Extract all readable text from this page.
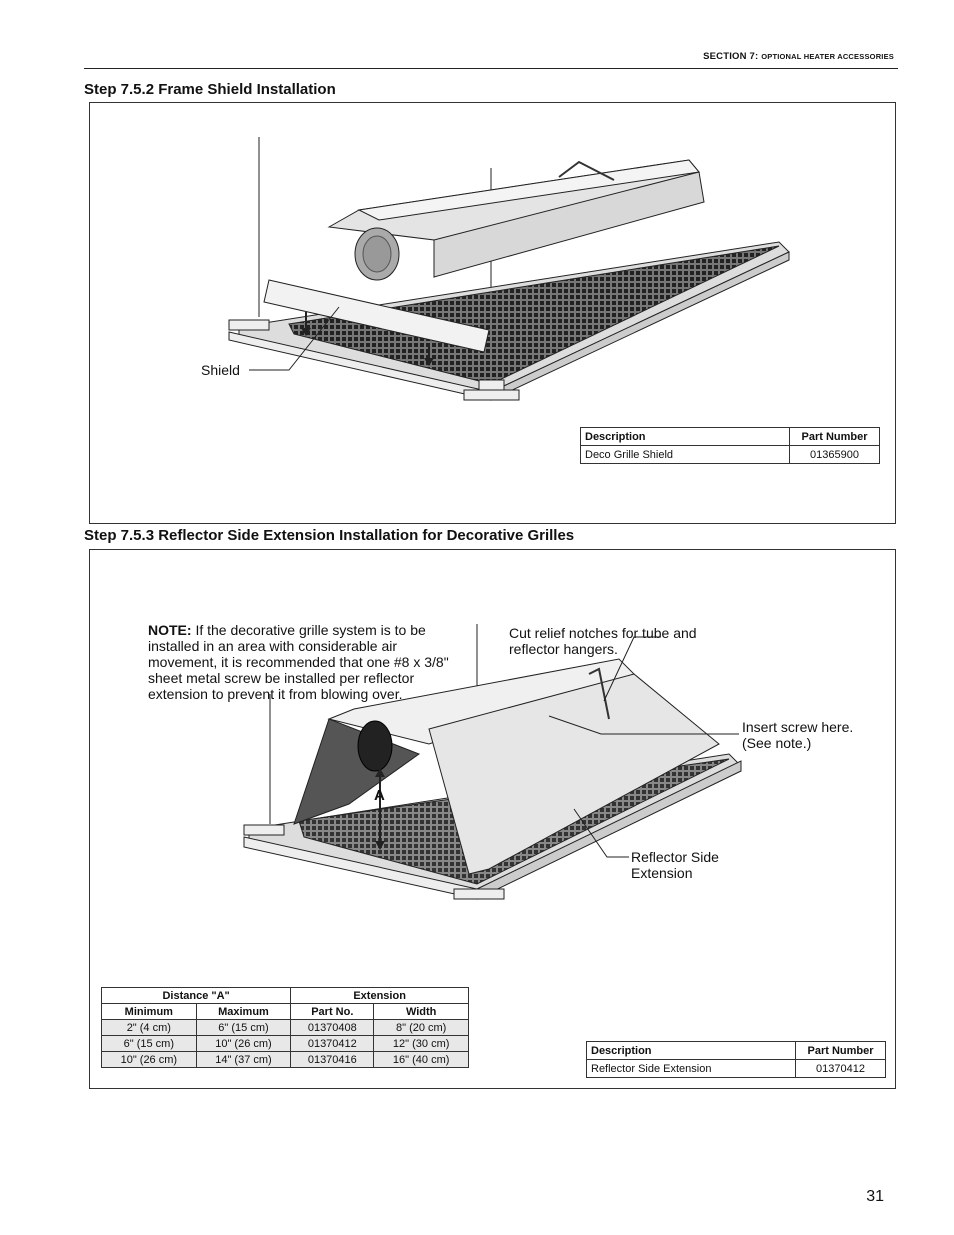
SECTION 7: OPTIONAL HEATER ACCESSORIES
Step 7.5.2 Frame Shield Installation
Shield
Description	Part Number
Deco Grille Shield	01365900
Step 7.5.3 Reflector Side Extension Installation for Decorative Grilles
NOTE: If the decorative grille system is to be installed in an area with considerable air movement, it is recommended that one #8 x 3/8" sheet metal screw be installed per reflector extension to prevent it from blowing over.
Cut relief notches for tube and reflector hangers.
Insert screw here. (See note.)
Reflector Side Extension
A
Distance "A"		Extension	
Minimum	Maximum	Part No.	Width
2" (4 cm)	6" (15 cm)	01370408	8" (20 cm)
6" (15 cm)	10" (26 cm)	01370412	12" (30 cm)
10" (26 cm)	14" (37 cm)	01370416	16" (40 cm)
Description	Part Number
Reflector Side Extension	01370412
31
